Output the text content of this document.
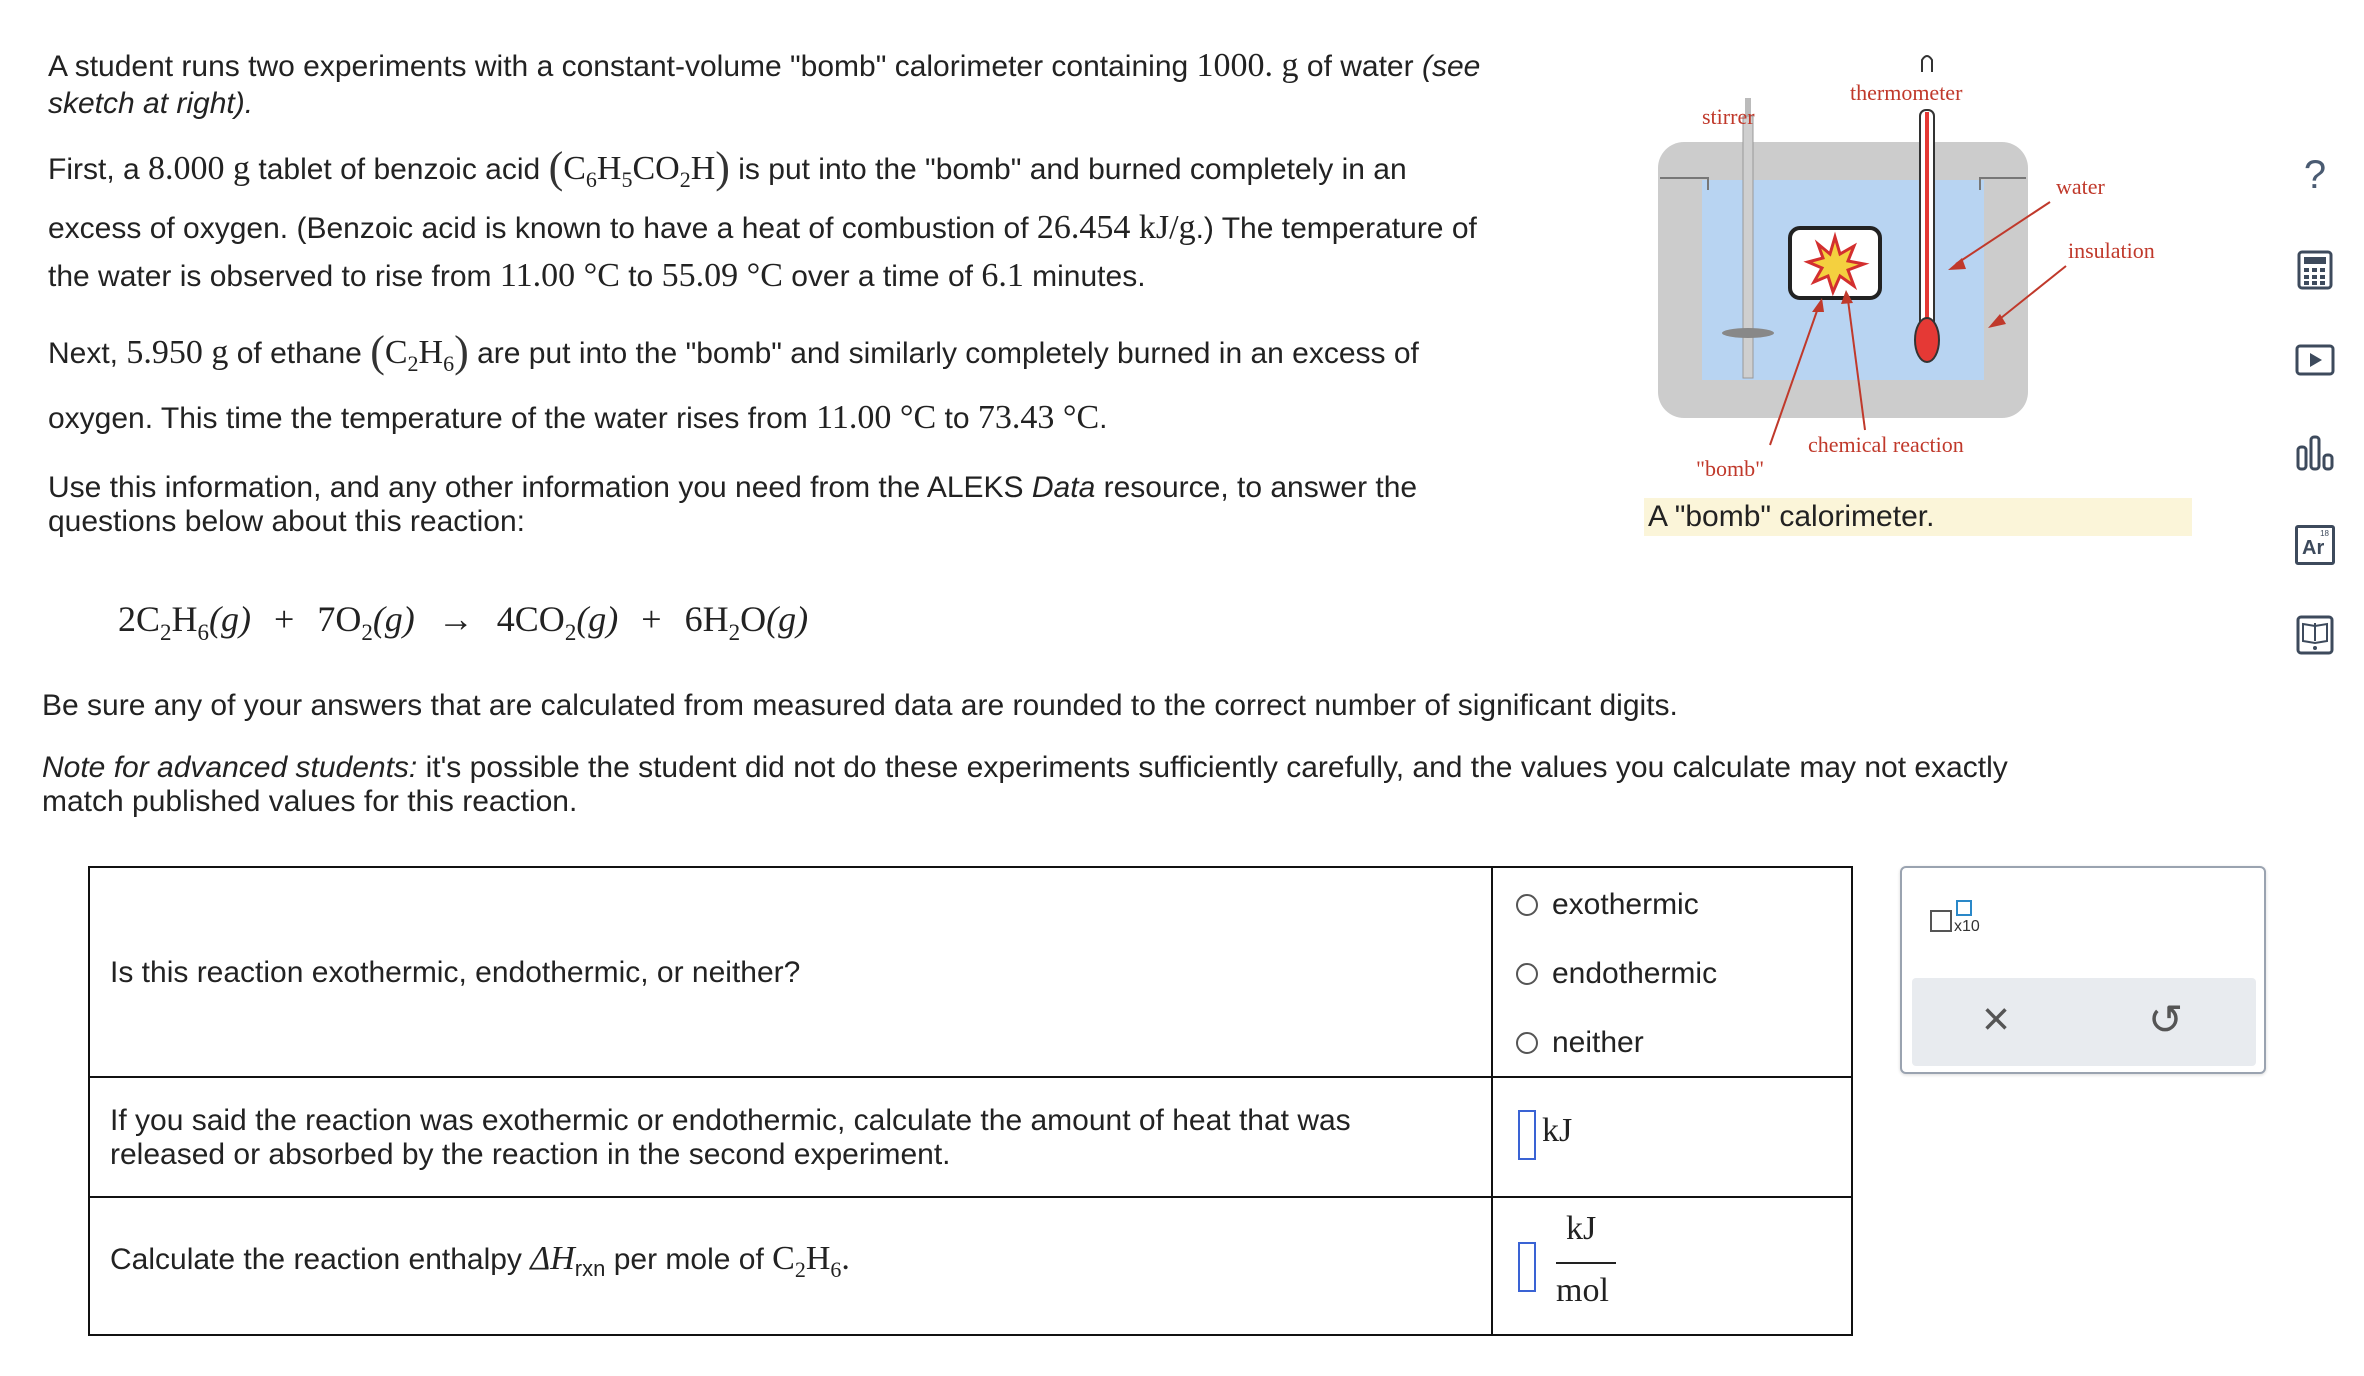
A student runs two experiments with a constant-volume "bomb" calorimeter containing 1000. g of water (see
sketch at right).
First, a 8.000 g tablet of benzoic acid $(C_6H_5CO_2H)$ is put into the "bomb" and burned completely in an
excess of oxygen. (Benzoic acid is known to have a heat of combustion of 26.454 kJ/g.) The temperature of
the water is observed to rise from 11.00 °C to 55.09 °C over a time of 6.1 minutes.
Next, 5.950 g of ethane $(C_2H_6)$ are put into the "bomb" and similarly completely burned in an excess of
oxygen. This time the temperature of the water rises from 11.00 °C to 73.43 °C.
Use this information, and any other information you need from the ALEKS Data resource, to answer the
questions below about this reaction:
$2C_2H_6(g) + 7O_2(g) \to 4CO_2(g) + 6H_2O(g)$
Be sure any of your answers that are calculated from measured data are rounded to the correct number of significant digits.
Note for advanced students: it's possible the student did not do these experiments sufficiently carefully, and the values you calculate may not exactly
match published values for this reaction.
stirrer
thermometer
water
insulation
chemical reaction
"bomb"
A "bomb" calorimeter.
Is this reaction exothermic, endothermic, or neither?
exothermic
endothermic
neither
If you said the reaction was exothermic or endothermic, calculate the amount of heat that was
released or absorbed by the reaction in the second experiment.
kJ
Calculate the reaction enthalpy $\Delta H_{rxn}$ per mole of $C_2H_6$.
kJ
mol
x10
×	↺
?
18
Ar
